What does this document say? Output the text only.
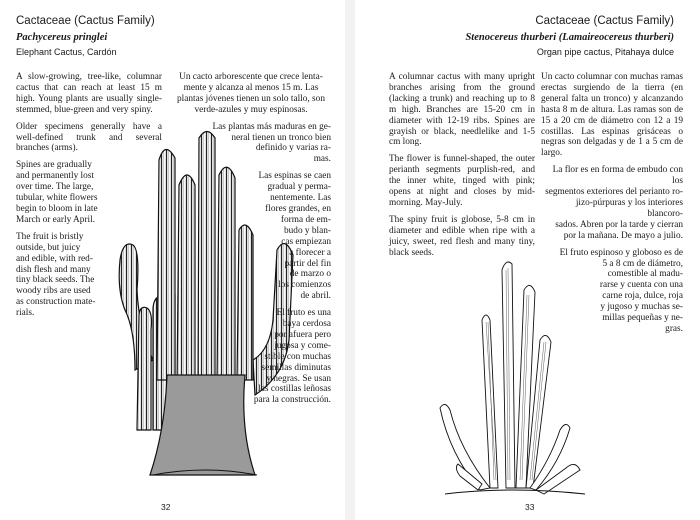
Cactaceae (Cactus Family)
Pachycereus pringlei
Elephant Cactus, Cardón

A slow-growing, tree-like, columnar cactus that can reach at least 15 m high. Young plants are usually single-stemmed, blue-green and very spiny.

Older specimens generally have a well-defined trunk and several branches (arms).

Spines are gradually
and permanently lost
over time. The large,
tubular, white flowers
begin to bloom in late
March or early April.

The fruit is bristly
outside, but juicy
and edible, with red-
dish flesh and many
tiny black seeds. The
woody ribs are used
as construction mate-
rials.

Un cacto arborescente que crece lenta-
mente y alcanza al menos 15 m. Las
plantas jóvenes tienen un solo tallo, son
verde-azules y muy espinosas.

Las plantas más maduras en ge-
neral tienen un tronco bien
definido y varias ra-
mas.

Las espinas se caen
gradual y perma-
nentemente. Las
flores grandes, en
forma de em-
budo y blan-
cas empiezan
a florecer a
partir del fin
de marzo o
los comienzos
de abril.

El fruto es una
baya cerdosa
por afuera pero
jugosa y come-
stible con muchas
semillas diminutas
y negras. Se usan
las costillas leñosas
para la construcción.

32
Cactaceae (Cactus Family)
Stenocereus thurberi (Lamaireocereus thurberi)
Organ pipe cactus, Pitahaya dulce

A columnar cactus with many upright branches arising from the ground (lacking a trunk) and reaching up to 8 m high. Branches are 15-20 cm in diameter with 12-19 ribs. Spines are grayish or black, needlelike and 1-5 cm long.

The flower is funnel-shaped, the outer perianth segments purplish-red, and the inner white, tinged with pink; opens at night and closes by mid-morning. May-July.

The spiny fruit is globose, 5-8 cm in diameter and edible when ripe with a juicy, sweet, red flesh and many tiny, black seeds.

Un cacto columnar con muchas ramas erectas surgiendo de la tierra (en general falta un tronco) y alcanzando hasta 8 m de altura. Las ramas son de 15 a 20 cm de diámetro con 12 a 19 costillas. Las espinas grisáceas o negras son delgadas y de 1 a 5 cm de largo.

La flor es en forma de embudo con los
segmentos exteriores del perianto ro-
jizo-púrpuras y los interiores blancoro-
sados. Abren por la tarde y cierran
por la mañana. De mayo a julio.

El fruto espinoso y globoso es de
5 a 8 cm de diámetro,
comestible al madu-
rarse y cuenta con una
carne roja, dulce, roja
y jugoso y muchas se-
millas pequeñas y ne-
gras.

33
